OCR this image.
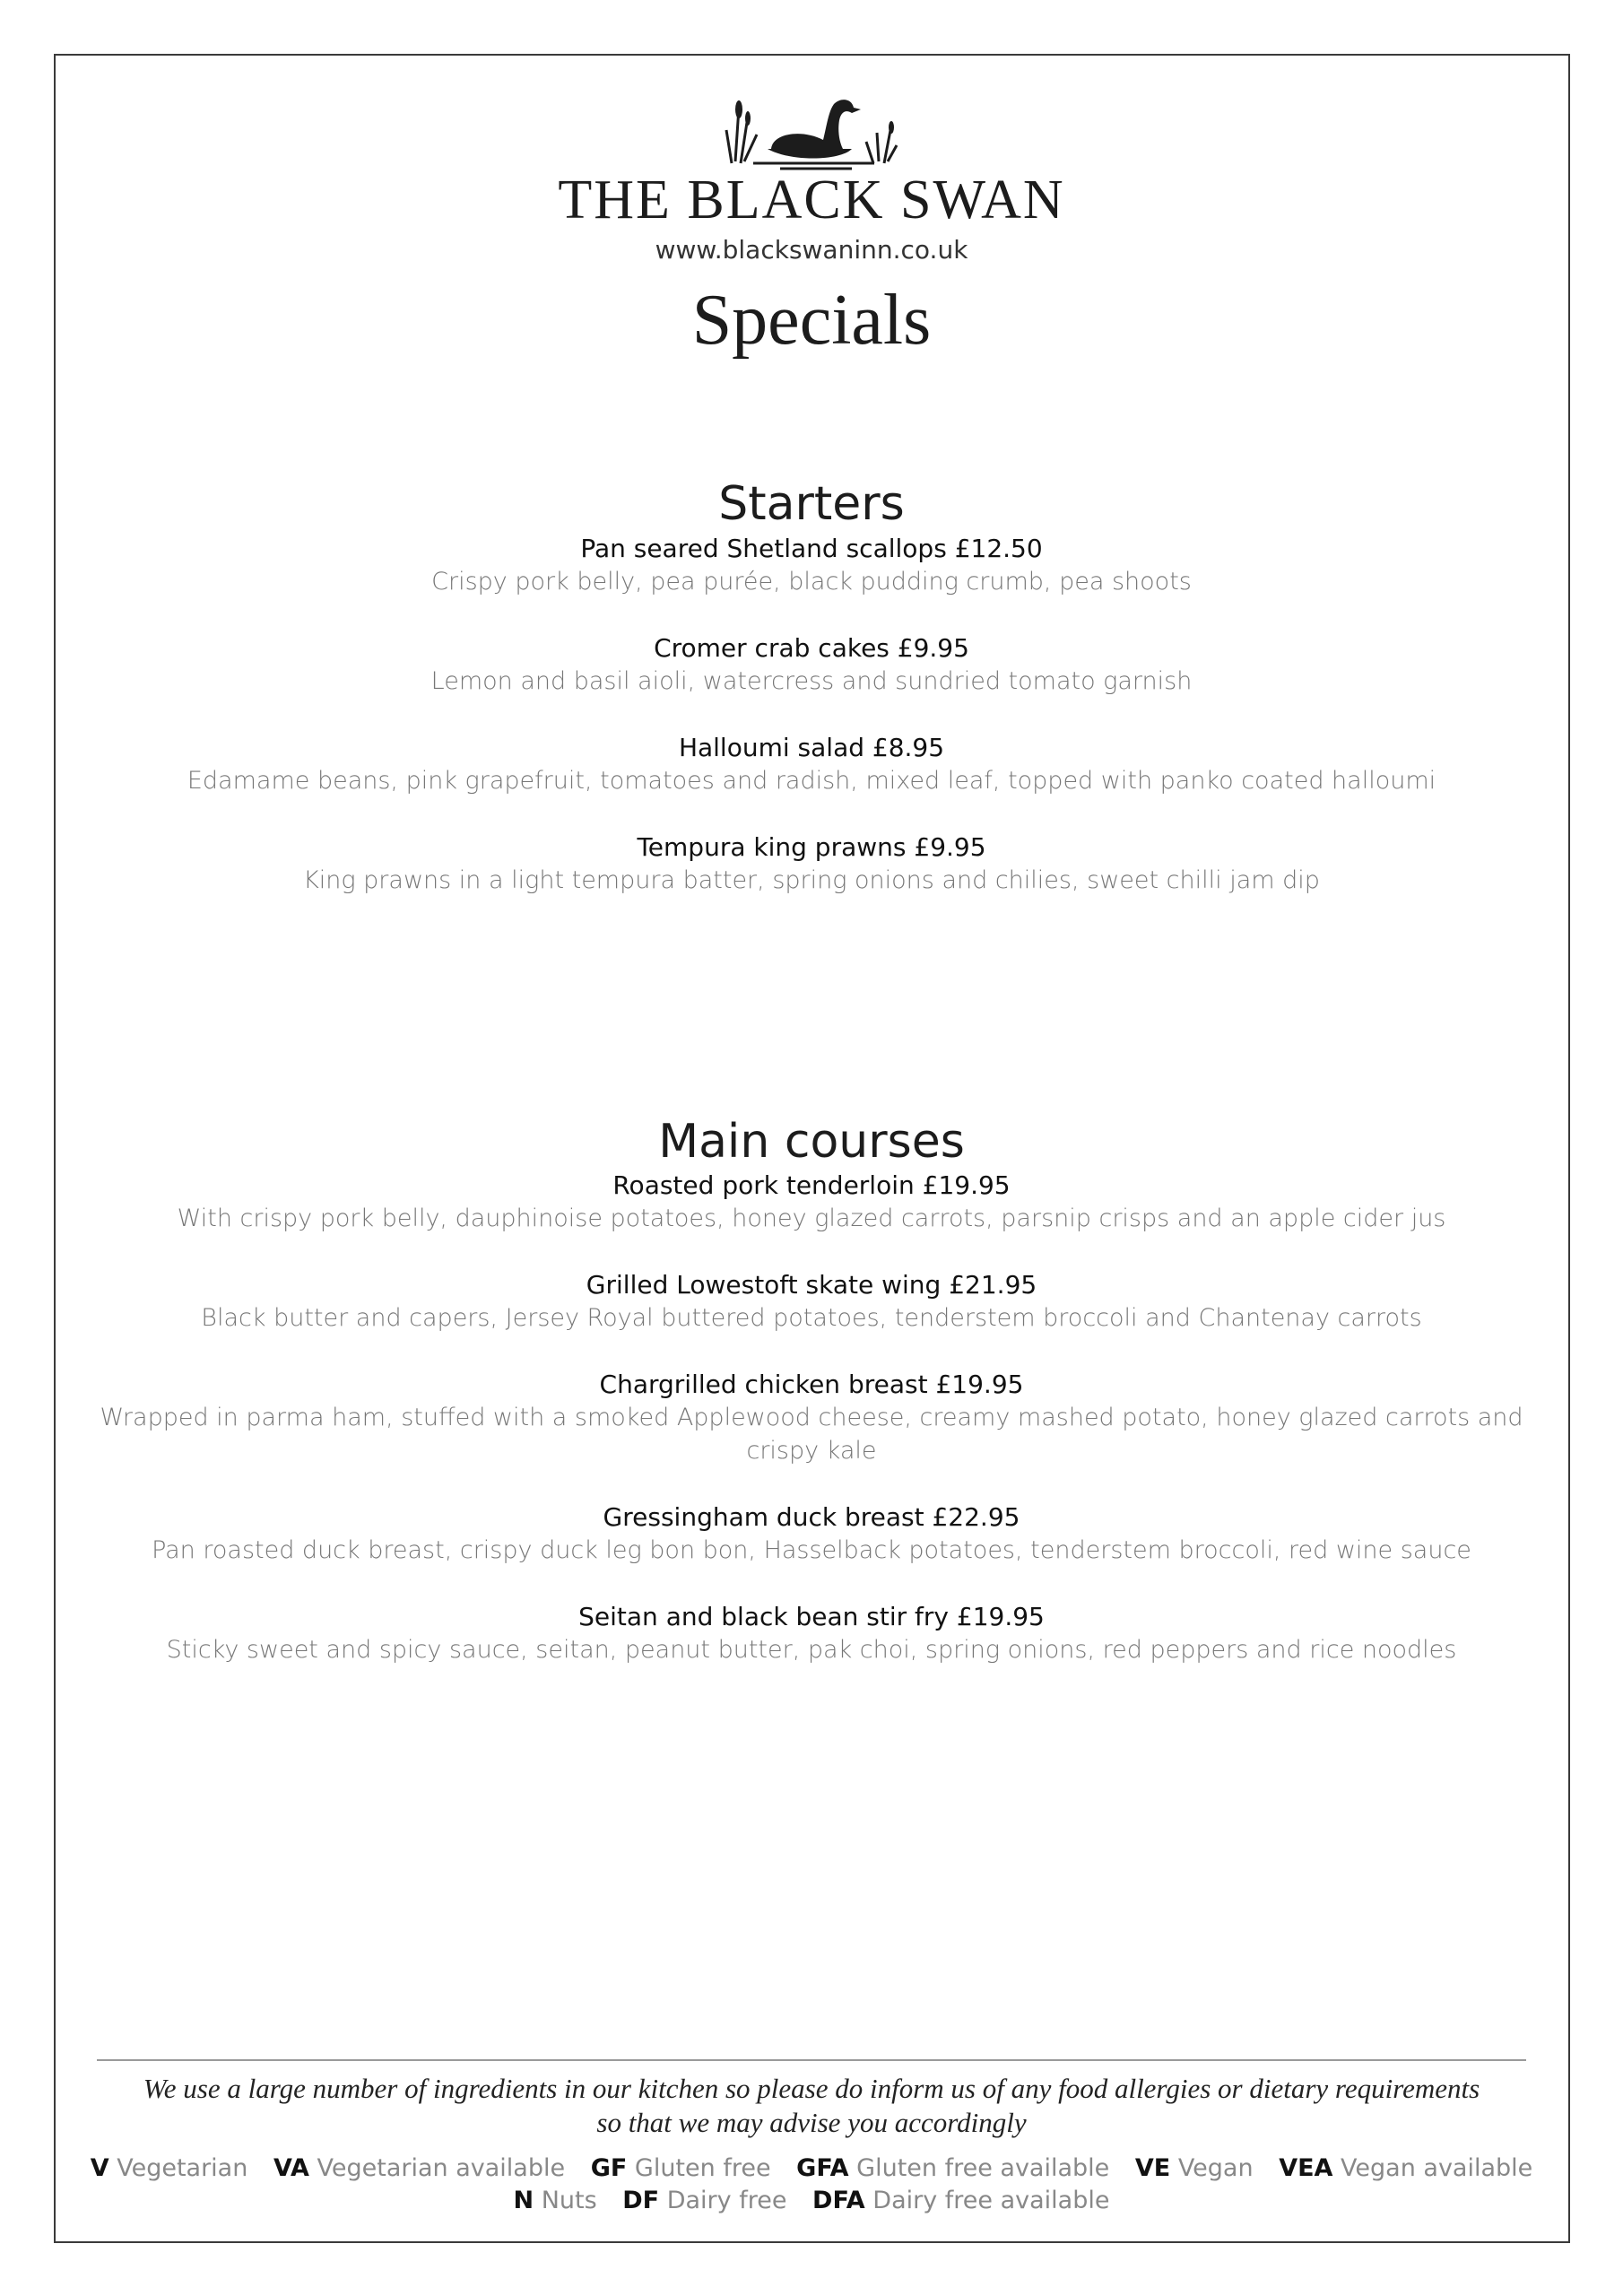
THE BLACK SWAN
www.blackswaninn.co.uk
Specials
Starters
Pan seared Shetland scallops £12.50
Crispy pork belly, pea purée, black pudding crumb, pea shoots
Cromer crab cakes £9.95
Lemon and basil aioli, watercress and sundried tomato garnish
Halloumi salad £8.95
Edamame beans, pink grapefruit, tomatoes and radish, mixed leaf, topped with panko coated halloumi
Tempura king prawns £9.95
King prawns in a light tempura batter, spring onions and chilies, sweet chilli jam dip
Main courses
Roasted pork tenderloin £19.95
With crispy pork belly, dauphinoise potatoes, honey glazed carrots, parsnip crisps and an apple cider jus
Grilled Lowestoft skate wing £21.95
Black butter and capers, Jersey Royal buttered potatoes, tenderstem broccoli and Chantenay carrots
Chargrilled chicken breast £19.95
Wrapped in parma ham, stuffed with a smoked Applewood cheese, creamy mashed potato, honey glazed carrots and crispy kale
Gressingham duck breast £22.95
Pan roasted duck breast, crispy duck leg bon bon, Hasselback potatoes, tenderstem broccoli, red wine sauce
Seitan and black bean stir fry £19.95
Sticky sweet and spicy sauce, seitan, peanut butter, pak choi, spring onions, red peppers and rice noodles
We use a large number of ingredients in our kitchen so please do inform us of any food allergies or dietary requirements so that we may advise you accordingly
V Vegetarian VA Vegetarian available GF Gluten free GFA Gluten free available VE Vegan VEA Vegan available
N Nuts DF Dairy free DFA Dairy free available
